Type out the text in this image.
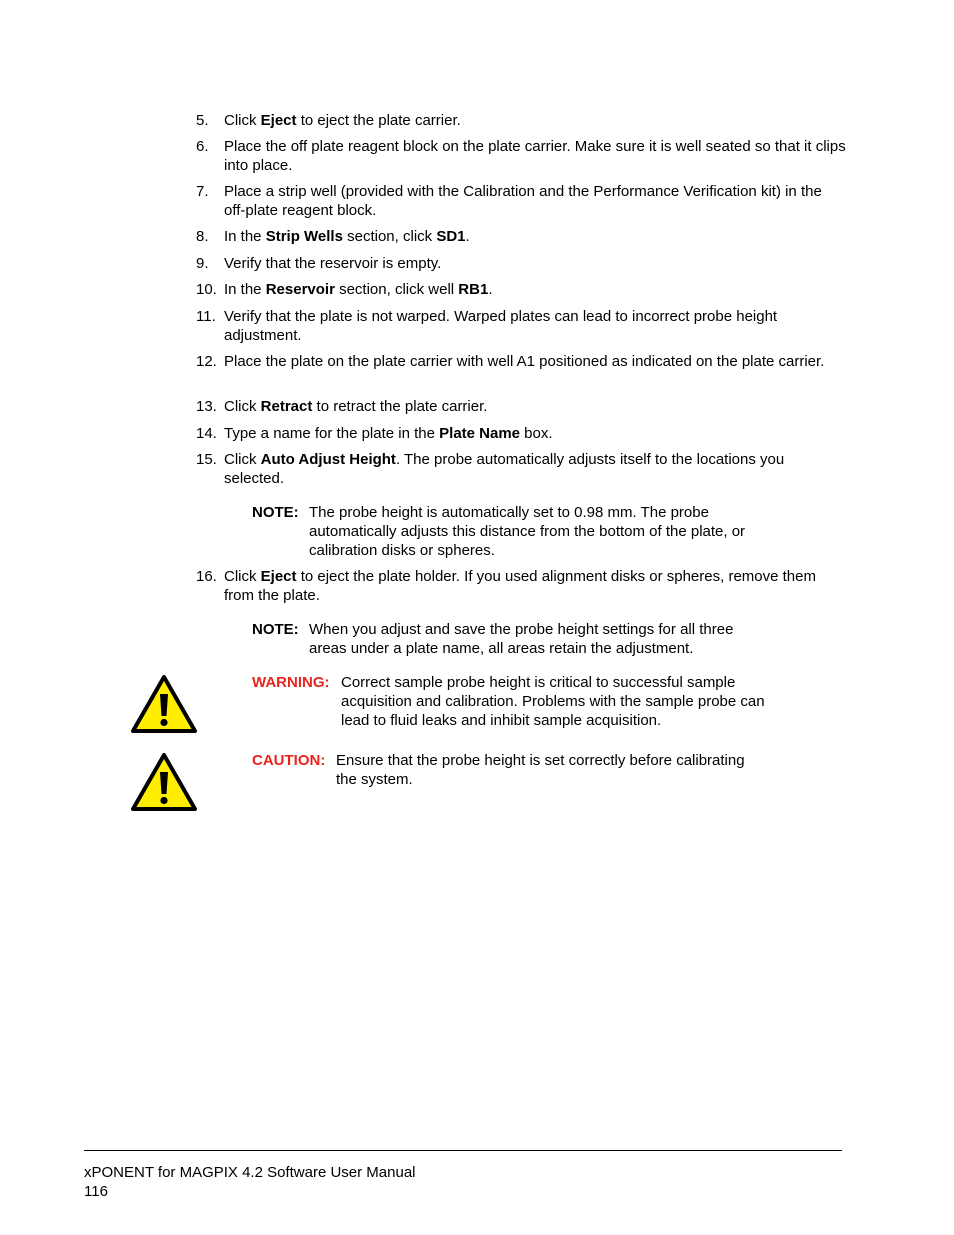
5. Click Eject to eject the plate carrier.
6. Place the off plate reagent block on the plate carrier. Make sure it is well seated so that it clips into place.
7. Place a strip well (provided with the Calibration and the Performance Verification kit) in the off-plate reagent block.
8. In the Strip Wells section, click SD1.
9. Verify that the reservoir is empty.
10. In the Reservoir section, click well RB1.
11. Verify that the plate is not warped. Warped plates can lead to incorrect probe height adjustment.
12. Place the plate on the plate carrier with well A1 positioned as indicated on the plate carrier.
13. Click Retract to retract the plate carrier.
14. Type a name for the plate in the Plate Name box.
15. Click Auto Adjust Height. The probe automatically adjusts itself to the locations you selected.
NOTE: The probe height is automatically set to 0.98 mm. The probe automatically adjusts this distance from the bottom of the plate, or calibration disks or spheres.
16. Click Eject to eject the plate holder. If you used alignment disks or spheres, remove them from the plate.
NOTE: When you adjust and save the probe height settings for all three areas under a plate name, all areas retain the adjustment.
WARNING: Correct sample probe height is critical to successful sample acquisition and calibration. Problems with the sample probe can lead to fluid leaks and inhibit sample acquisition.
CAUTION: Ensure that the probe height is set correctly before calibrating the system.
xPONENT for MAGPIX 4.2 Software User Manual
116
